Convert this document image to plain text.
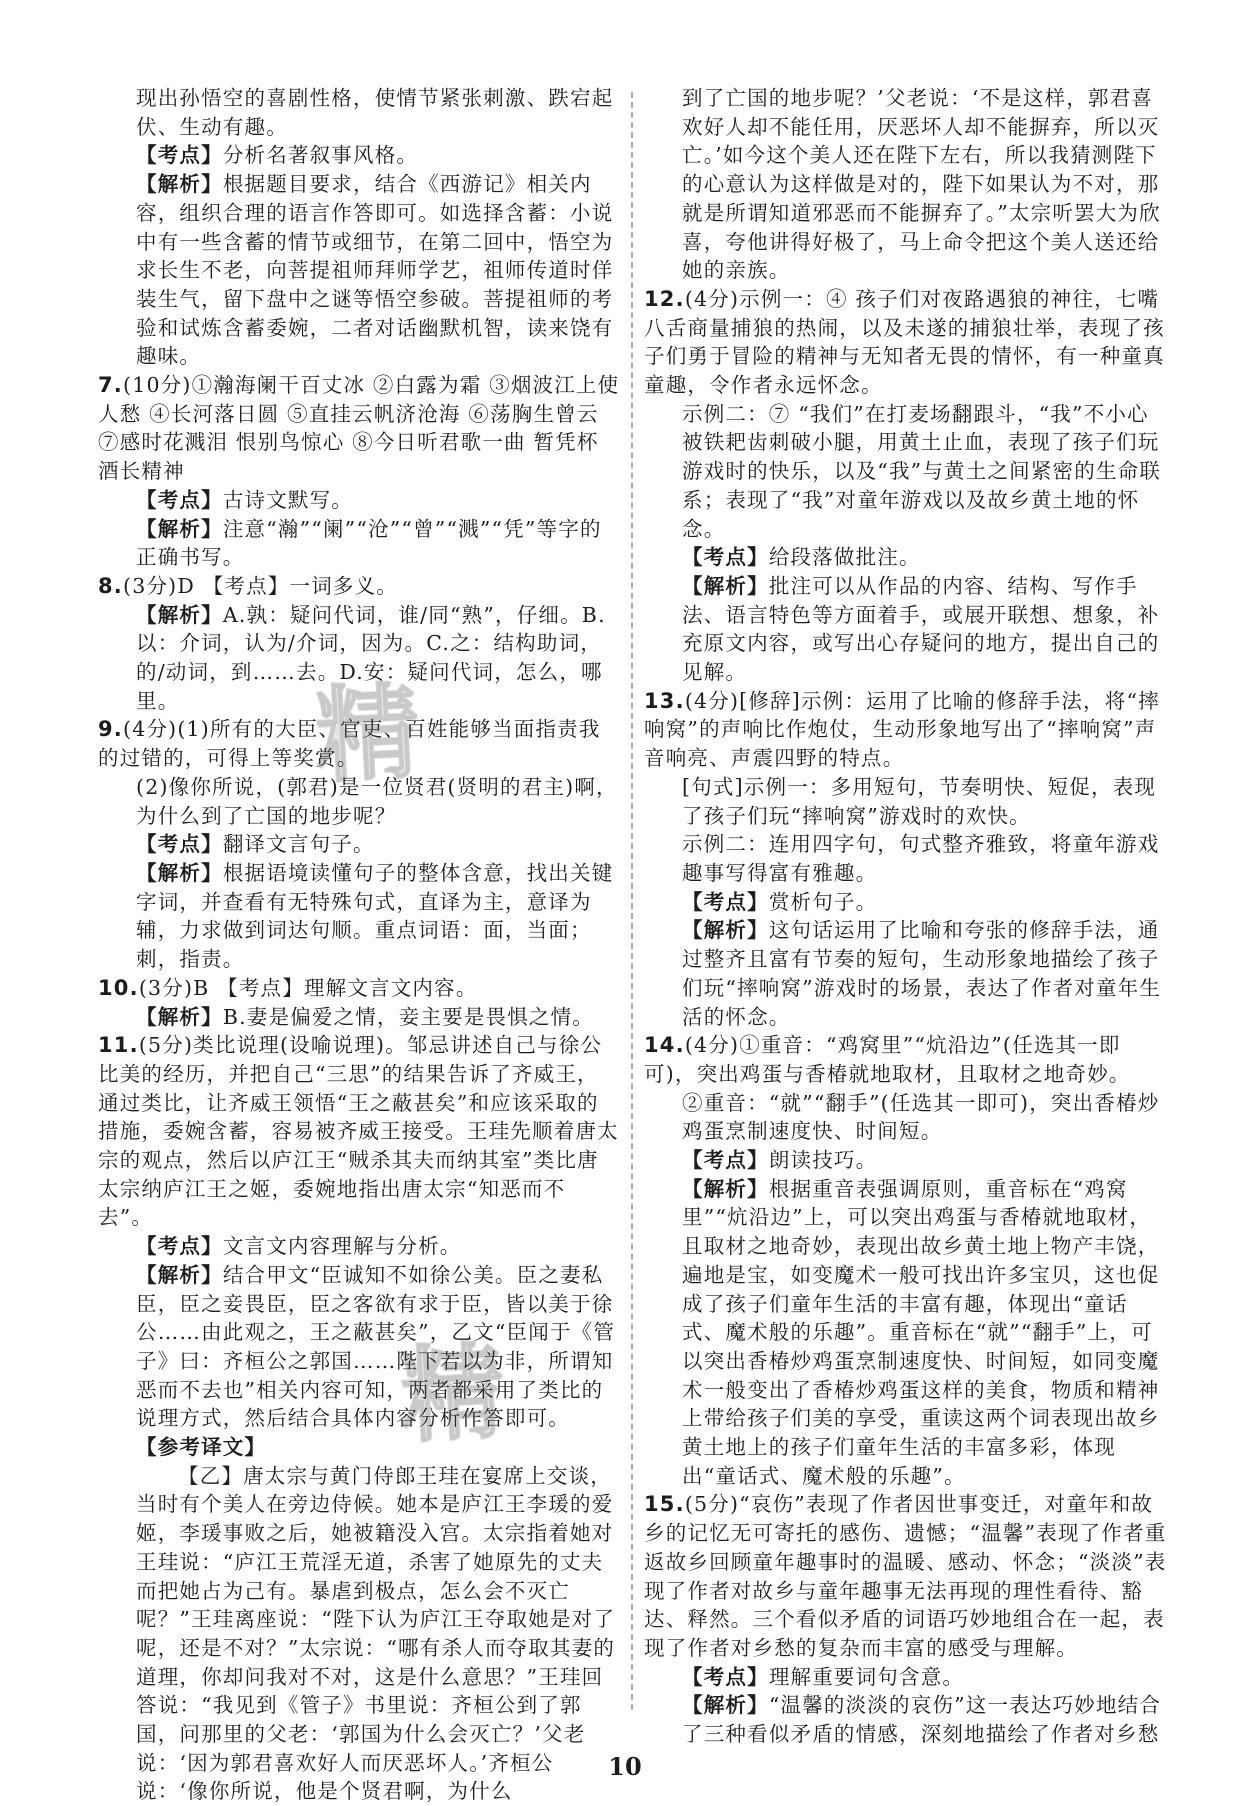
现出孙悟空的喜剧性格，使情节紧张刺激、跌宕起伏、生动有趣。

【考点】分析名著叙事风格。

【解析】根据题目要求，结合《西游记》相关内容，组织合理的语言作答即可。如选择含蓄：小说中有一些含蓄的情节或细节，在第二回中，悟空为求长生不老，向菩提祖师拜师学艺，祖师传道时佯装生气，留下盘中之谜等悟空参破。菩提祖师的考验和试炼含蓄委婉，二者对话幽默机智，读来饶有趣味。

7.(10分)①瀚海阑干百丈冰 ②白露为霜 ③烟波江上使人愁 ④长河落日圆 ⑤直挂云帆济沧海 ⑥荡胸生曾云 ⑦感时花溅泪 恨别鸟惊心 ⑧今日听君歌一曲 暂凭杯酒长精神

【考点】古诗文默写。

【解析】注意“瀚”“阑”“沧”“曾”“溅”“凭”等字的正确书写。

8.(3分)D 【考点】一词多义。

【解析】A.孰：疑问代词，谁/同“熟”，仔细。B.以：介词，认为/介词，因为。C.之：结构助词，的/动词，到……去。D.安：疑问代词，怎么，哪里。

9.(4分)(1)所有的大臣、官吏、百姓能够当面指责我的过错的，可得上等奖赏。

(2)像你所说，(郭君)是一位贤君(贤明的君主)啊，为什么到了亡国的地步呢？

【考点】翻译文言句子。

【解析】根据语境读懂句子的整体含意，找出关键字词，并查看有无特殊句式，直译为主，意译为辅，力求做到词达句顺。重点词语：面，当面；刺，指责。

10.(3分)B 【考点】理解文言文内容。

【解析】B.妻是偏爱之情，妾主要是畏惧之情。

11.(5分)类比说理(设喻说理)。邹忌讲述自己与徐公比美的经历，并把自己“三思”的结果告诉了齐威王，通过类比，让齐威王领悟“王之蔽甚矣”和应该采取的措施，委婉含蓄，容易被齐威王接受。王珪先顺着唐太宗的观点，然后以庐江王“贼杀其夫而纳其室”类比唐太宗纳庐江王之姬，委婉地指出唐太宗“知恶而不去”。

【考点】文言文内容理解与分析。

【解析】结合甲文“臣诚知不如徐公美。臣之妻私臣，臣之妾畏臣，臣之客欲有求于臣，皆以美于徐公……由此观之，王之蔽甚矣”，乙文“臣闻于《管子》曰：齐桓公之郭国……陛下若以为非，所谓知恶而不去也”相关内容可知，两者都采用了类比的说理方式，然后结合具体内容分析作答即可。

【参考译文】

【乙】唐太宗与黄门侍郎王珪在宴席上交谈，当时有个美人在旁边侍候。她本是庐江王李瑗的爱姬，李瑗事败之后，她被籍没入宫。太宗指着她对王珪说：“庐江王荒淫无道，杀害了她原先的丈夫而把她占为己有。暴虐到极点，怎么会不灭亡呢？”王珪离座说：“陛下认为庐江王夺取她是对了呢，还是不对？”太宗说：“哪有杀人而夺取其妻的道理，你却问我对不对，这是什么意思？”王珪回答说：“我见到《管子》书里说：齐桓公到了郭国，问那里的父老：‘郭国为什么会灭亡？’父老说：‘因为郭君喜欢好人而厌恶坏人。’齐桓公说：‘像你所说，他是个贤君啊，为什么

到了亡国的地步呢？’父老说：‘不是这样，郭君喜欢好人却不能任用，厌恶坏人却不能摒弃，所以灭亡。’如今这个美人还在陛下左右，所以我猜测陛下的心意认为这样做是对的，陛下如果认为不对，那就是所谓知道邪恶而不能摒弃了。”太宗听罢大为欣喜，夸他讲得好极了，马上命令把这个美人送还给她的亲族。

12.(4分)示例一：④ 孩子们对夜路遇狼的神往，七嘴八舌商量捕狼的热闹，以及未遂的捕狼壮举，表现了孩子们勇于冒险的精神与无知者无畏的情怀，有一种童真童趣，令作者永远怀念。

示例二：⑦ “我们”在打麦场翻跟斗，“我”不小心被铁耙齿刺破小腿，用黄土止血，表现了孩子们玩游戏时的快乐，以及“我”与黄土之间紧密的生命联系；表现了“我”对童年游戏以及故乡黄土地的怀念。

【考点】给段落做批注。

【解析】批注可以从作品的内容、结构、写作手法、语言特色等方面着手，或展开联想、想象，补充原文内容，或写出心存疑问的地方，提出自己的见解。

13.(4分)[修辞]示例：运用了比喻的修辞手法，将“摔响窝”的声响比作炮仗，生动形象地写出了“摔响窝”声音响亮、声震四野的特点。

[句式]示例一：多用短句，节奏明快、短促，表现了孩子们玩“摔响窝”游戏时的欢快。

示例二：连用四字句，句式整齐雅致，将童年游戏趣事写得富有雅趣。

【考点】赏析句子。

【解析】这句话运用了比喻和夸张的修辞手法，通过整齐且富有节奏的短句，生动形象地描绘了孩子们玩“摔响窝”游戏时的场景，表达了作者对童年生活的怀念。

14.(4分)①重音：“鸡窝里”“炕沿边”(任选其一即可)，突出鸡蛋与香椿就地取材，且取材之地奇妙。

②重音：“就”“翻手”(任选其一即可)，突出香椿炒鸡蛋烹制速度快、时间短。

【考点】朗读技巧。

【解析】根据重音表强调原则，重音标在“鸡窝里”“炕沿边”上，可以突出鸡蛋与香椿就地取材，且取材之地奇妙，表现出故乡黄土地上物产丰饶，遍地是宝，如变魔术一般可找出许多宝贝，这也促成了孩子们童年生活的丰富有趣，体现出“童话式、魔术般的乐趣”。重音标在“就”“翻手”上，可以突出香椿炒鸡蛋烹制速度快、时间短，如同变魔术一般变出了香椿炒鸡蛋这样的美食，物质和精神上带给孩子们美的享受，重读这两个词表现出故乡黄土地上的孩子们童年生活的丰富多彩，体现出“童话式、魔术般的乐趣”。

15.(5分)“哀伤”表现了作者因世事变迁，对童年和故乡的记忆无可寄托的感伤、遗憾；“温馨”表现了作者重返故乡回顾童年趣事时的温暖、感动、怀念；“淡淡”表现了作者对故乡与童年趣事无法再现的理性看待、豁达、释然。三个看似矛盾的词语巧妙地组合在一起，表现了作者对乡愁的复杂而丰富的感受与理解。

【考点】理解重要词句含意。

【解析】“温馨的淡淡的哀伤”这一表达巧妙地结合了三种看似矛盾的情感，深刻地描绘了作者对乡愁

精
精
10
